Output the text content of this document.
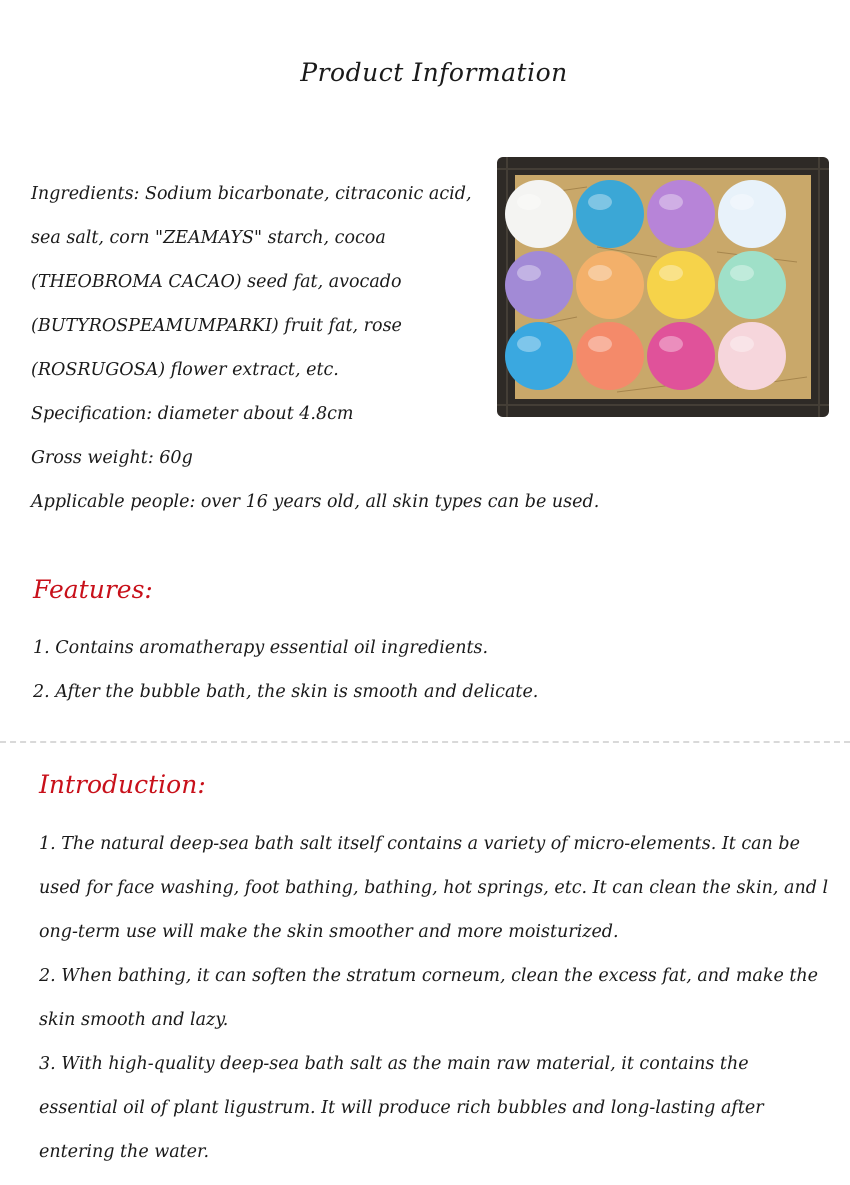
Product Information
Ingredients: Sodium bicarbonate, citraconic acid,
sea salt, corn "ZEAMAYS" starch, cocoa
(THEOBROMA CACAO) seed fat, avocado
(BUTYROSPEAMUMPARKI) fruit fat, rose
(ROSRUGOSA) flower extract, etc.
Specification: diameter about 4.8cm
Gross weight: 60g
Applicable people: over 16 years old, all skin types can be used.
Features:
1. Contains aromatherapy essential oil ingredients.
2. After the bubble bath, the skin is smooth and delicate.
Introduction:
1. The natural deep-sea bath salt itself contains a variety of micro-elements. It can be
used for face washing, foot bathing, bathing, hot springs, etc. It can clean the skin, and l
ong-term use will make the skin smoother and more moisturized.
2. When bathing, it can soften the stratum corneum, clean the excess fat, and make the
skin smooth and lazy.
3. With high-quality deep-sea bath salt as the main raw material, it contains the
essential oil of plant ligustrum. It will produce rich bubbles and long-lasting after
entering the water.
